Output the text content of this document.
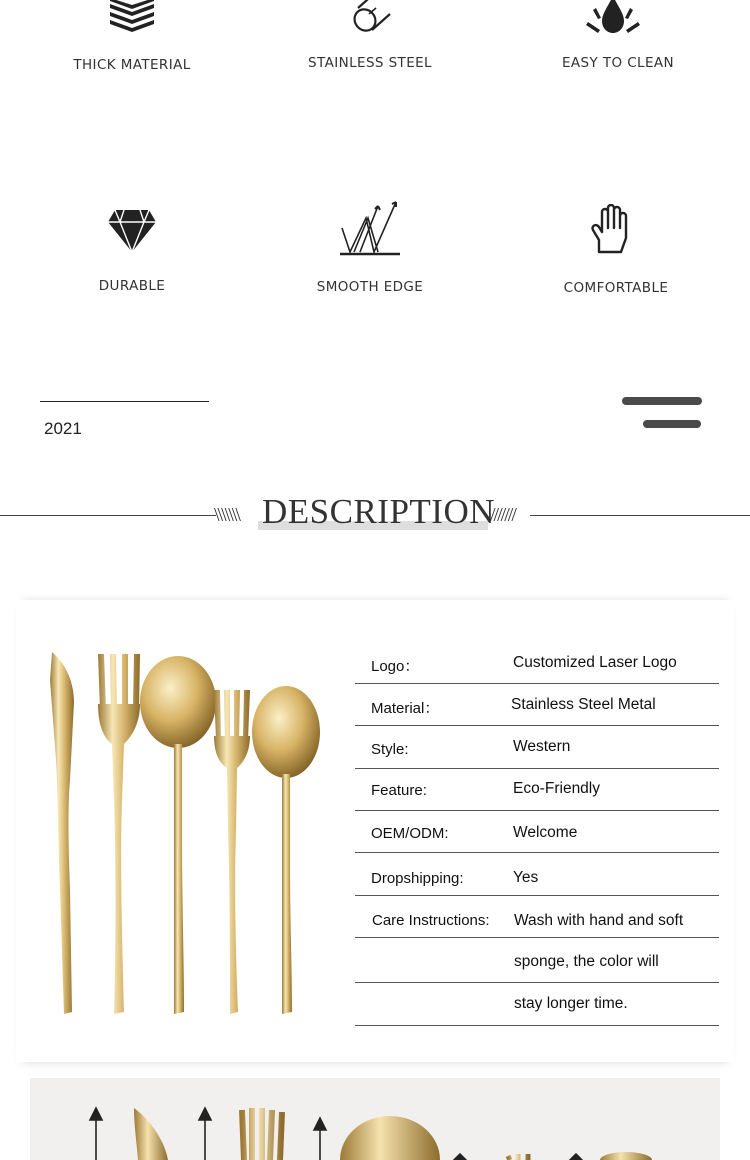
THICK MATERIAL	STAINLESS STEEL	EASY TO CLEAN
DURABLE	SMOOTH EDGE	COMFORTABLE
2021
\\\\\\\	///////
DESCRIPTION
Logo：	Customized Laser Logo
Material：	Stainless Steel Metal
Style:	Western
Feature:	Eco-Friendly
OEM/ODM:	Welcome
Dropshipping:	Yes
Care Instructions: Wash with hand and soft
sponge, the color will
stay longer time.
